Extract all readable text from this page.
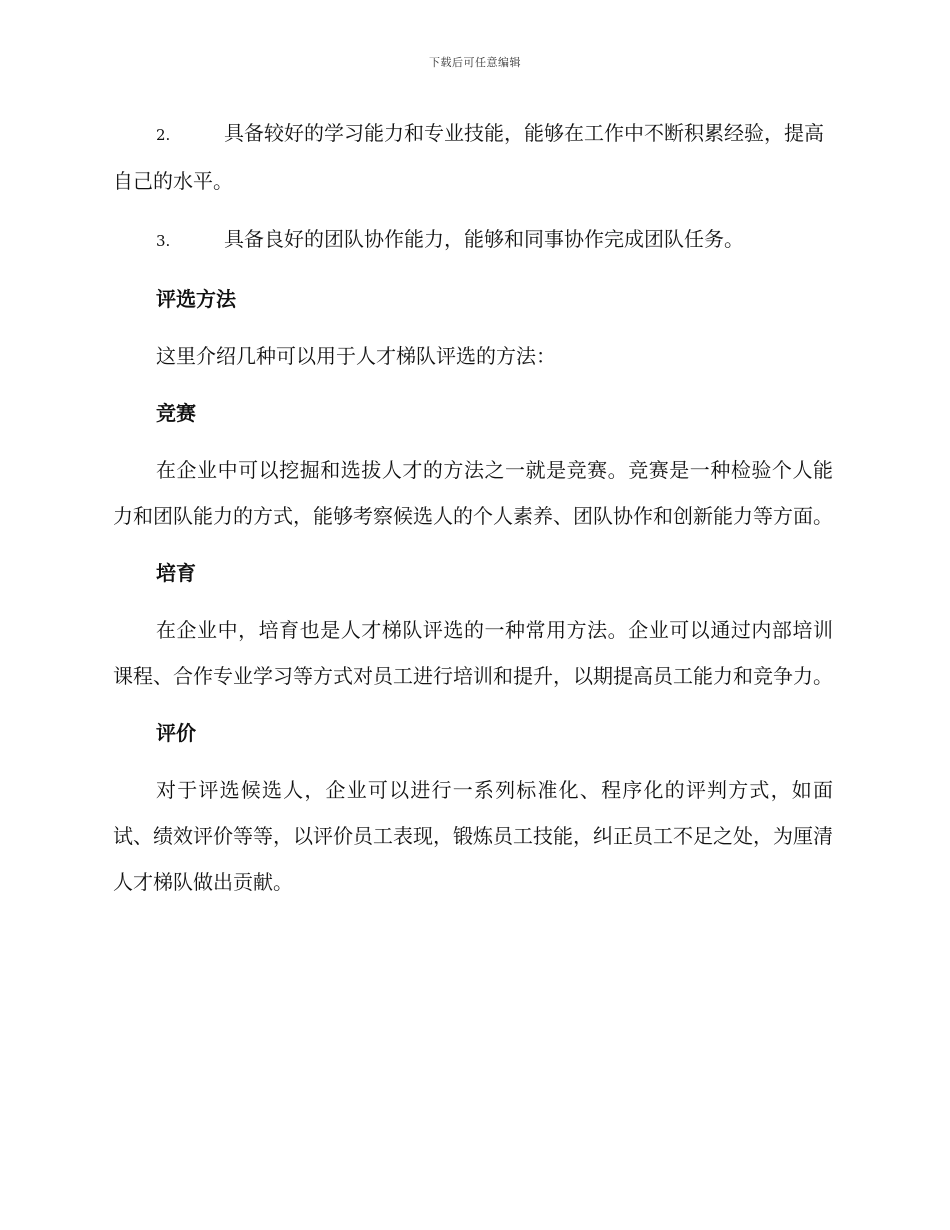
下载后可任意编辑

2.	具备较好的学习能力和专业技能，能够在工作中不断积累经验，提高自己的水平。

3.	具备良好的团队协作能力，能够和同事协作完成团队任务。

评选方法

这里介绍几种可以用于人才梯队评选的方法：

竞赛

在企业中可以挖掘和选拔人才的方法之一就是竞赛。竞赛是一种检验个人能力和团队能力的方式，能够考察候选人的个人素养、团队协作和创新能力等方面。

培育

在企业中，培育也是人才梯队评选的一种常用方法。企业可以通过内部培训课程、合作专业学习等方式对员工进行培训和提升，以期提高员工能力和竞争力。

评价

对于评选候选人，企业可以进行一系列标准化、程序化的评判方式，如面试、绩效评价等等，以评价员工表现，锻炼员工技能，纠正员工不足之处，为厘清人才梯队做出贡献。
